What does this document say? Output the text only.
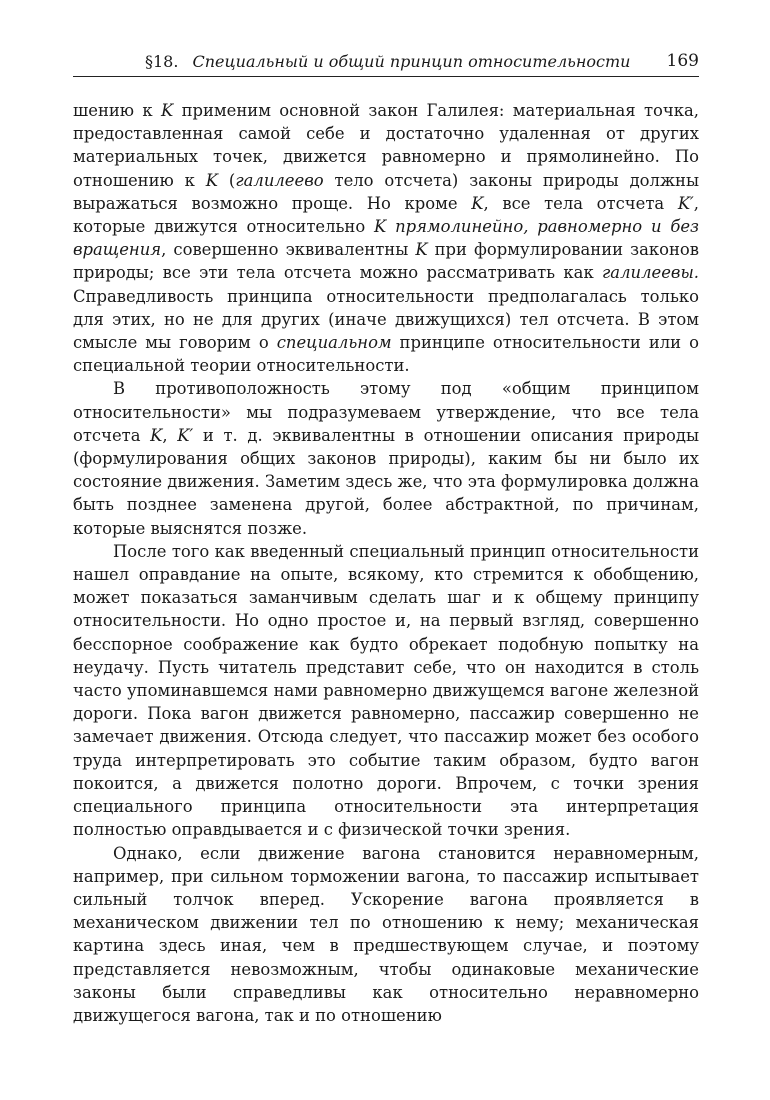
§18. Специальный и общий принцип относительности 169

шению к K применим основной закон Галилея: материальная точка, предоставленная самой себе и достаточно удаленная от других материальных точек, движется равномерно и прямолинейно. По отношению к K (галилеево тело отсчета) законы природы должны выражаться возможно проще. Но кроме K, все тела отсчета K′, которые движутся относительно K прямолинейно, равномерно и без вращения, совершенно эквивалентны K при формулировании законов природы; все эти тела отсчета можно рассматривать как галилеевы. Справедливость принципа относительности предполагалась только для этих, но не для других (иначе движущихся) тел отсчета. В этом смысле мы говорим о специальном принципе относительности или о специальной теории относительности.

В противоположность этому под «общим принципом относительности» мы подразумеваем утверждение, что все тела отсчета K, K′ и т. д. эквивалентны в отношении описания природы (формулирования общих законов природы), каким бы ни было их состояние движения. Заметим здесь же, что эта формулировка должна быть позднее заменена другой, более абстрактной, по причинам, которые выяснятся позже.

После того как введенный специальный принцип относительности нашел оправдание на опыте, всякому, кто стремится к обобщению, может показаться заманчивым сделать шаг и к общему принципу относительности. Но одно простое и, на первый взгляд, совершенно бесспорное соображение как будто обрекает подобную попытку на неудачу. Пусть читатель представит себе, что он находится в столь часто упоминавшемся нами равномерно движущемся вагоне железной дороги. Пока вагон движется равномерно, пассажир совершенно не замечает движения. Отсюда следует, что пассажир может без особого труда интерпретировать это событие таким образом, будто вагон покоится, а движется полотно дороги. Впрочем, с точки зрения специального принципа относительности эта интерпретация полностью оправдывается и с физической точки зрения.

Однако, если движение вагона становится неравномерным, например, при сильном торможении вагона, то пассажир испытывает сильный толчок вперед. Ускорение вагона проявляется в механическом движении тел по отношению к нему; механическая картина здесь иная, чем в предшествующем случае, и поэтому представляется невозможным, чтобы одинаковые механические законы были справедливы как относительно неравномерно движущегося вагона, так и по отношению
